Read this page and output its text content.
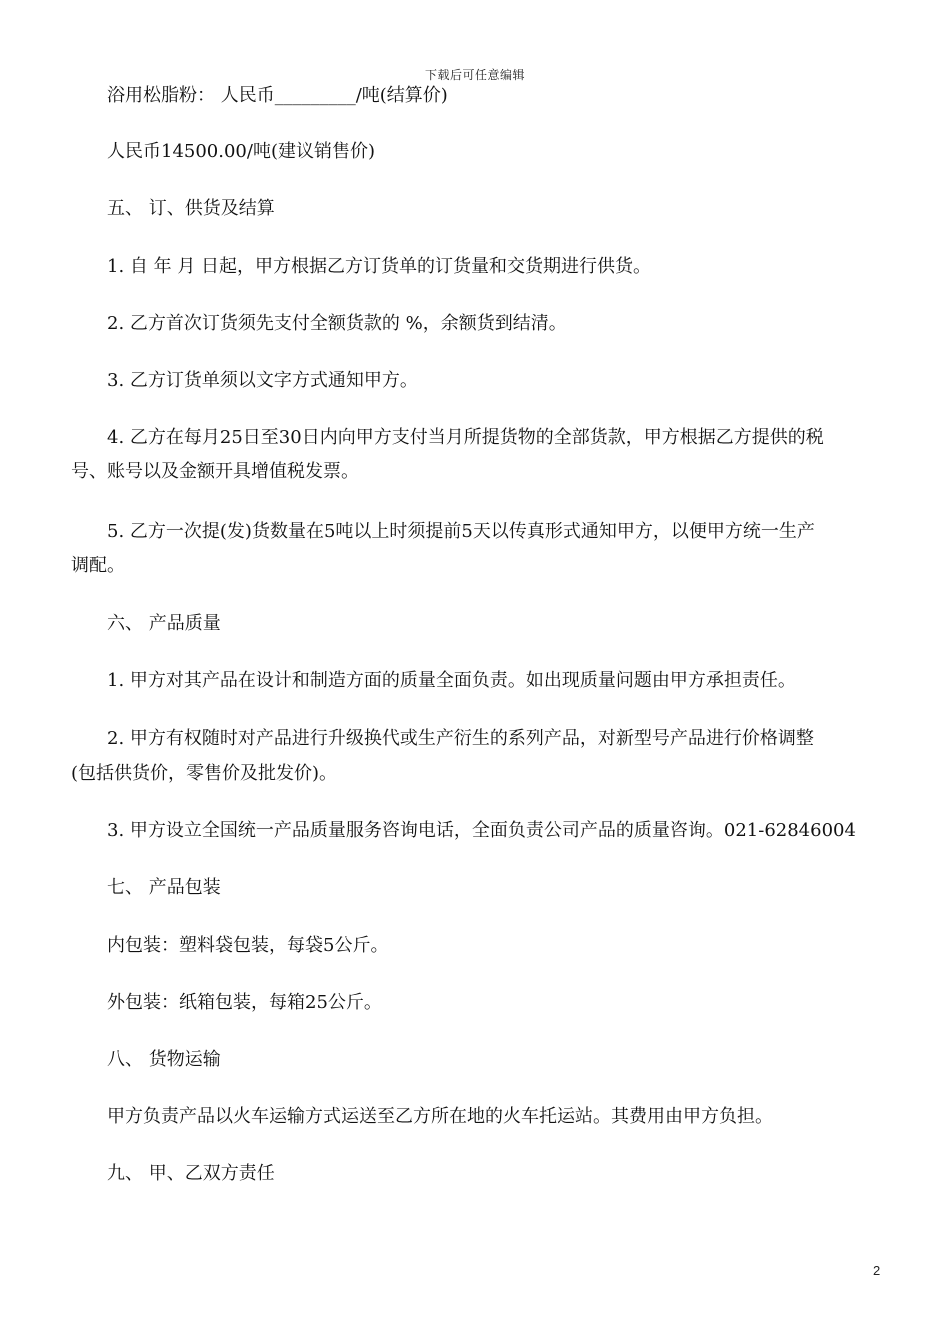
下载后可任意编辑
浴用松脂粉： 人民币_________/吨(结算价)
人民币14500.00/吨(建议销售价)
五、 订、供货及结算
1. 自 年 月 日起，甲方根据乙方订货单的订货量和交货期进行供货。
2. 乙方首次订货须先支付全额货款的 %，余额货到结清。
3. 乙方订货单须以文字方式通知甲方。
4. 乙方在每月25日至30日内向甲方支付当月所提货物的全部货款，甲方根据乙方提供的税
号、账号以及金额开具增值税发票。
5. 乙方一次提(发)货数量在5吨以上时须提前5天以传真形式通知甲方，以便甲方统一生产
调配。
六、 产品质量
1. 甲方对其产品在设计和制造方面的质量全面负责。如出现质量问题由甲方承担责任。
2. 甲方有权随时对产品进行升级换代或生产衍生的系列产品，对新型号产品进行价格调整
(包括供货价，零售价及批发价)。
3. 甲方设立全国统一产品质量服务咨询电话，全面负责公司产品的质量咨询。021-62846004
七、 产品包装
内包装：塑料袋包装，每袋5公斤。
外包装：纸箱包装，每箱25公斤。
八、 货物运输
甲方负责产品以火车运输方式运送至乙方所在地的火车托运站。其费用由甲方负担。
九、 甲、乙双方责任
2
